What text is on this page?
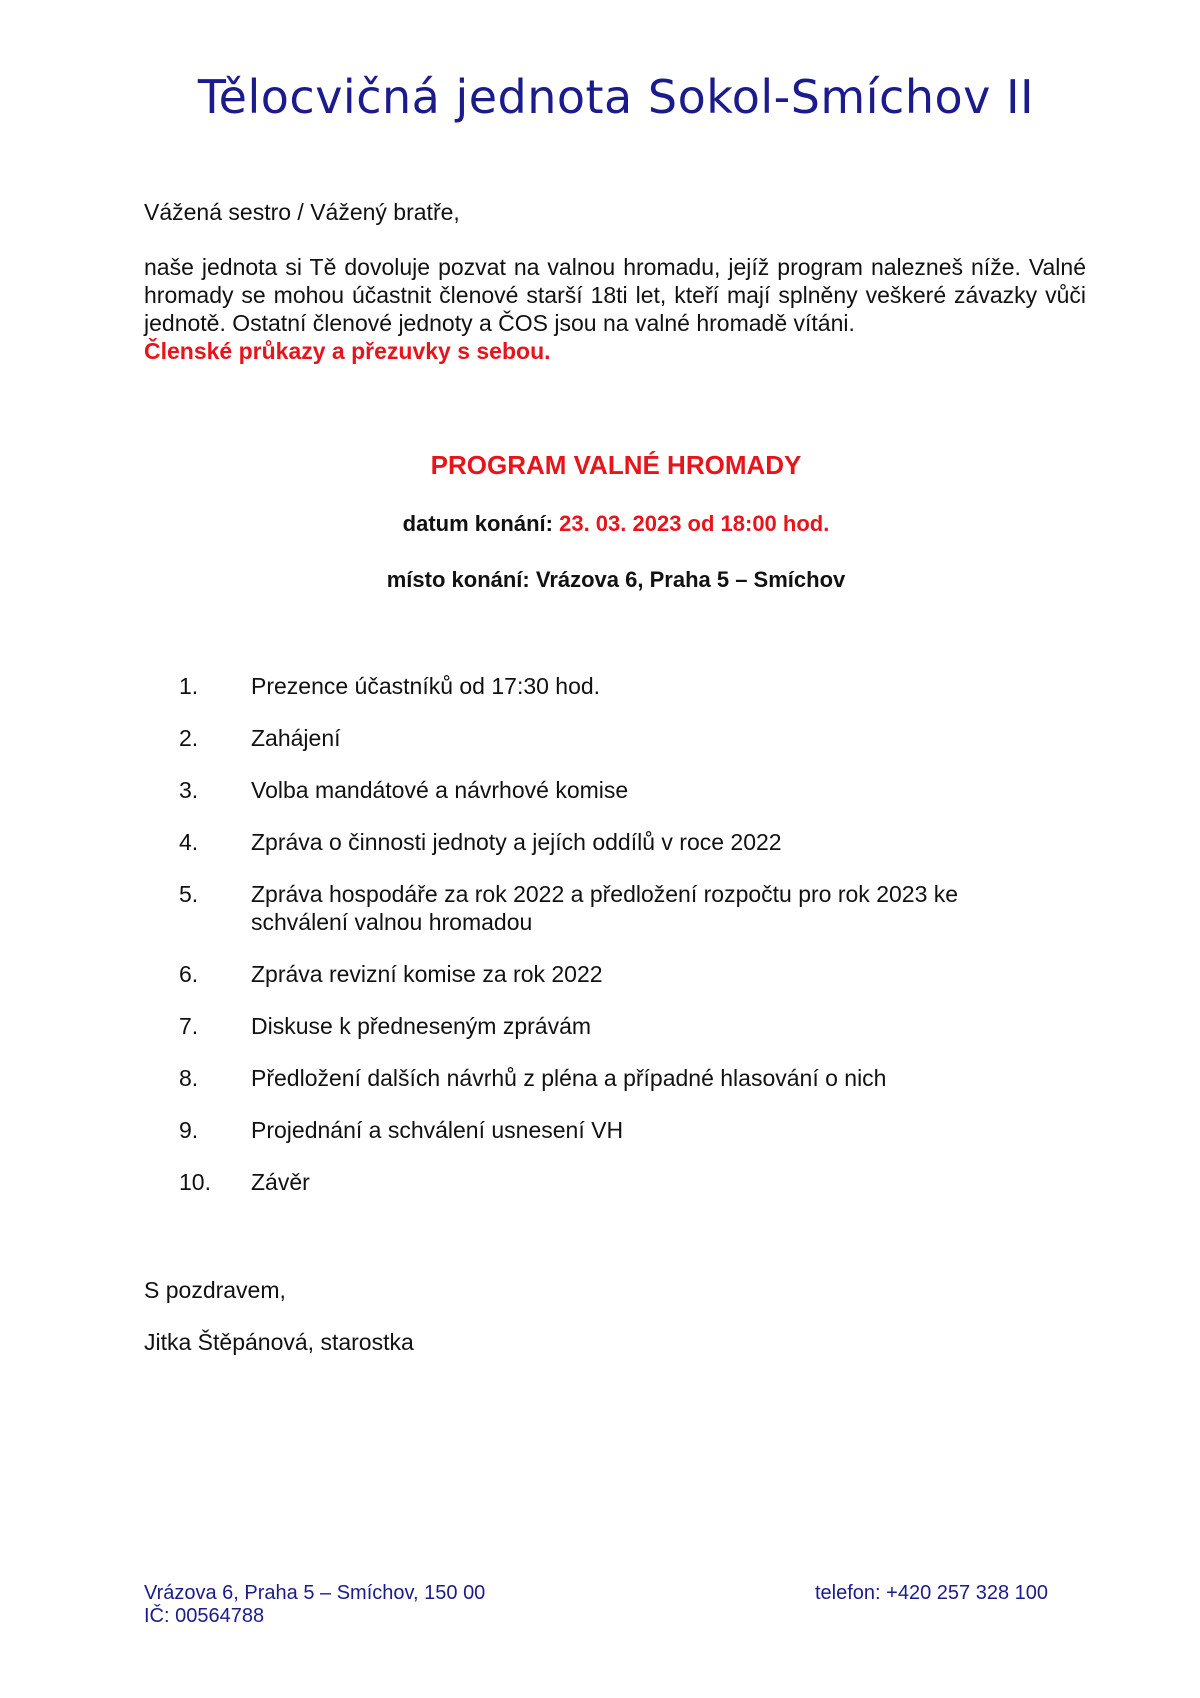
Tělocvičná jednota Sokol-Smíchov II
Vážená sestro / Vážený bratře,
naše jednota si Tě dovoluje pozvat na valnou hromadu, jejíž program nalezneš níže. Valné hromady se mohou účastnit členové starší 18ti let, kteří mají splněny veškeré závazky vůči jednotě. Ostatní členové jednoty a ČOS jsou na valné hromadě vítáni.
Členské průkazy a přezuvky s sebou.
PROGRAM VALNÉ HROMADY
datum konání: 23. 03. 2023 od 18:00 hod.
místo konání: Vrázova 6, Praha 5 – Smíchov
1.	Prezence účastníků od 17:30 hod.
2.	Zahájení
3.	Volba mandátové a návrhové komise
4.	Zpráva o činnosti jednoty a jejích oddílů v roce 2022
5.	Zpráva hospodáře za rok 2022 a předložení rozpočtu pro rok 2023 ke schválení valnou hromadou
6.	Zpráva revizní komise za rok 2022
7.	Diskuse k předneseným zprávám
8.	Předložení dalších návrhů z pléna a případné hlasování o nich
9.	Projednání a schválení usnesení VH
10.	Závěr
S pozdravem,
Jitka Štěpánová, starostka
Vrázova 6, Praha 5 – Smíchov, 150 00
IČ: 00564788
telefon: +420 257 328 100
